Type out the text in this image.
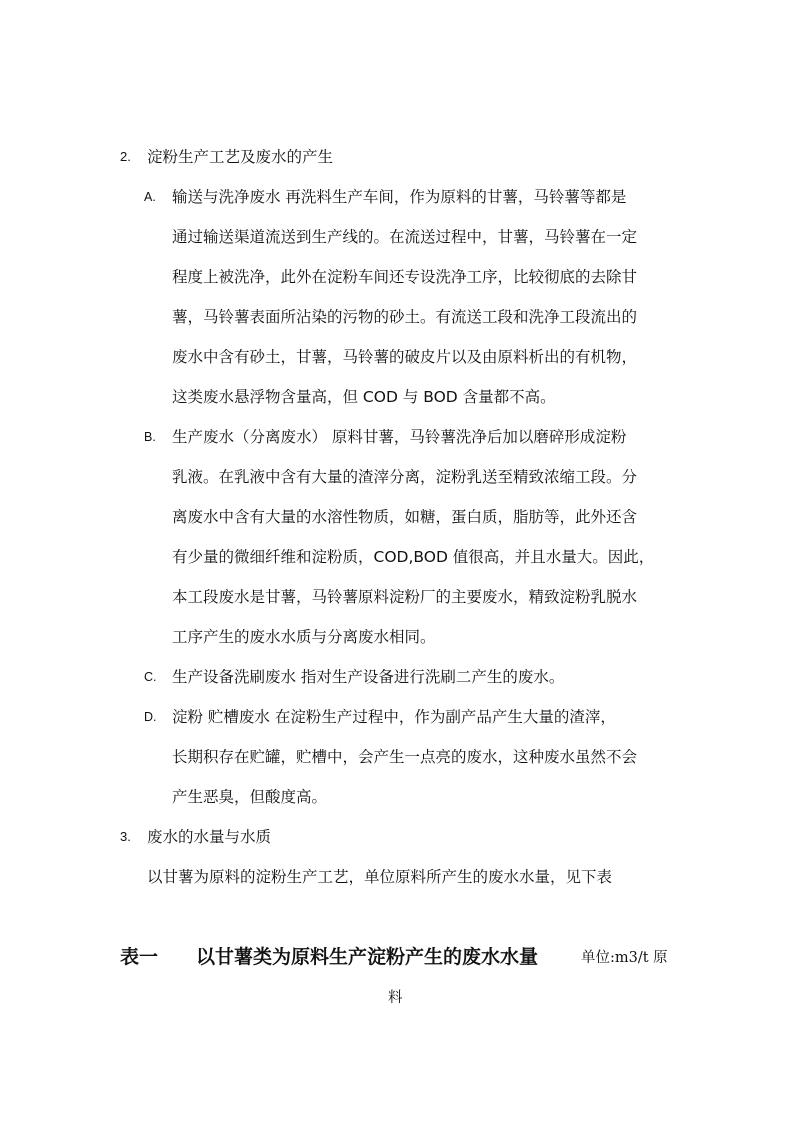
2. 淀粉生产工艺及废水的产生
A. 输送与洗净废水 再洗料生产车间，作为原料的甘薯，马铃薯等都是
通过输送渠道流送到生产线的。在流送过程中，甘薯，马铃薯在一定
程度上被洗净，此外在淀粉车间还专设洗净工序，比较彻底的去除甘
薯，马铃薯表面所沾染的污物的砂土。有流送工段和洗净工段流出的
废水中含有砂土，甘薯，马铃薯的破皮片以及由原料析出的有机物，
这类废水悬浮物含量高，但 COD 与 BOD 含量都不高。
B. 生产废水（分离废水） 原料甘薯，马铃薯洗净后加以磨碎形成淀粉
乳液。在乳液中含有大量的渣滓分离，淀粉乳送至精致浓缩工段。分
离废水中含有大量的水溶性物质，如糖，蛋白质，脂肪等，此外还含
有少量的微细纤维和淀粉质，COD,BOD 值很高，并且水量大。因此，
本工段废水是甘薯，马铃薯原料淀粉厂的主要废水，精致淀粉乳脱水
工序产生的废水水质与分离废水相同。
C. 生产设备洗刷废水 指对生产设备进行洗刷二产生的废水。
D. 淀粉 贮槽废水 在淀粉生产过程中，作为副产品产生大量的渣滓，
长期积存在贮罐，贮槽中，会产生一点亮的废水，这种废水虽然不会
产生恶臭，但酸度高。
3. 废水的水量与水质
以甘薯为原料的淀粉生产工艺，单位原料所产生的废水水量，见下表
表一 以甘薯类为原料生产淀粉产生的废水水量	单位:m3/t 原
料
